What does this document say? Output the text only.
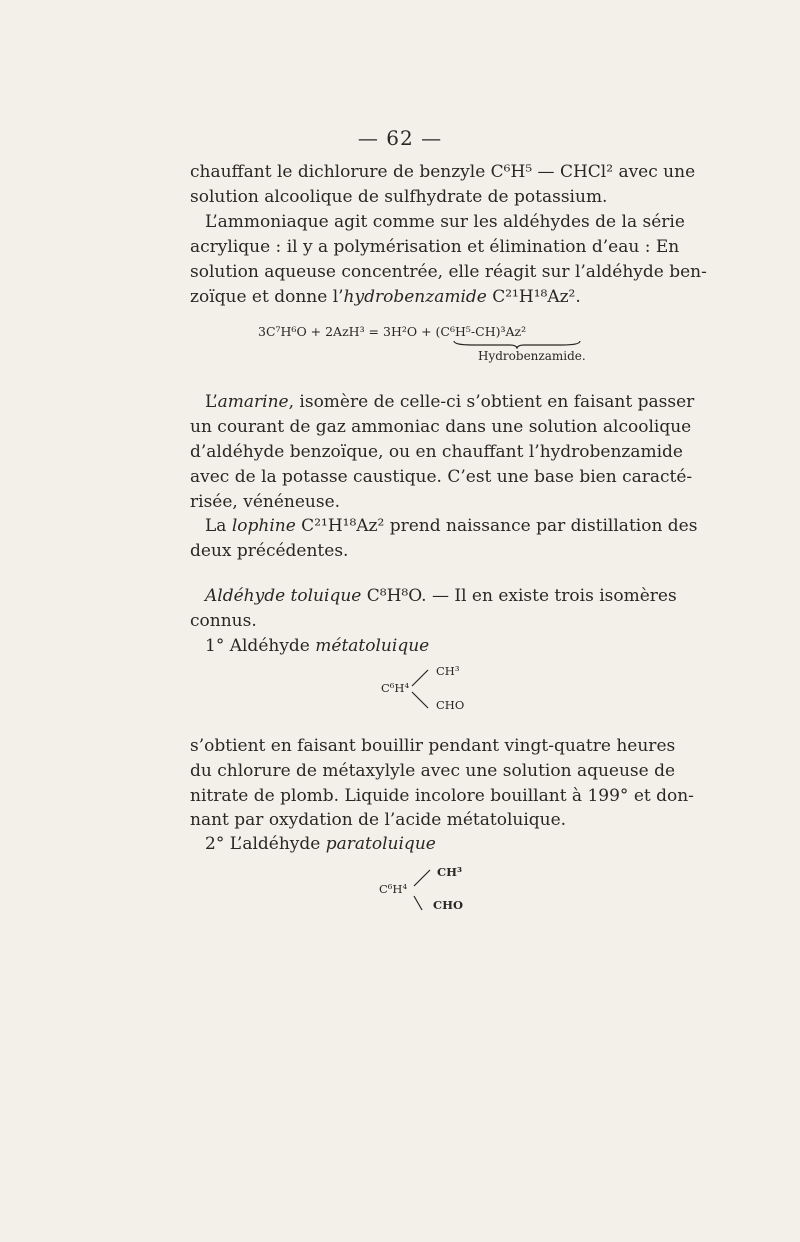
— 62 —
chauffant le dichlorure de benzyle C⁶H⁵ — CHCl² avec une
solution alcoolique de sulfhydrate de potassium.
L’ammoniaque agit comme sur les aldéhydes de la série
acrylique : il y a polymérisation et élimination d’eau : En
solution aqueuse concentrée, elle réagit sur l’aldéhyde ben-
zoïque et donne l’hydrobenzamide C²¹H¹⁸Az².
3C⁷H⁶O + 2AzH³ = 3H²O + (C⁶H⁵-CH)³Az²
Hydrobenzamide.
L’amarine, isomère de celle-ci s’obtient en faisant passer
un courant de gaz ammoniac dans une solution alcoolique
d’aldéhyde benzoïque, ou en chauffant l’hydrobenzamide
avec de la potasse caustique. C’est une base bien caracté-
risée, vénéneuse.
La lophine C²¹H¹⁸Az² prend naissance par distillation des
deux précédentes.
Aldéhyde toluique C⁸H⁸O. — Il en existe trois isomères
connus.
1° Aldéhyde métatoluique
CH³
C⁶H⁴
CHO
s’obtient en faisant bouillir pendant vingt-quatre heures
du chlorure de métaxylyle avec une solution aqueuse de
nitrate de plomb. Liquide incolore bouillant à 199° et don-
nant par oxydation de l’acide métatoluique.
2° L’aldéhyde paratoluique
CH³
C⁶H⁴
CHO
